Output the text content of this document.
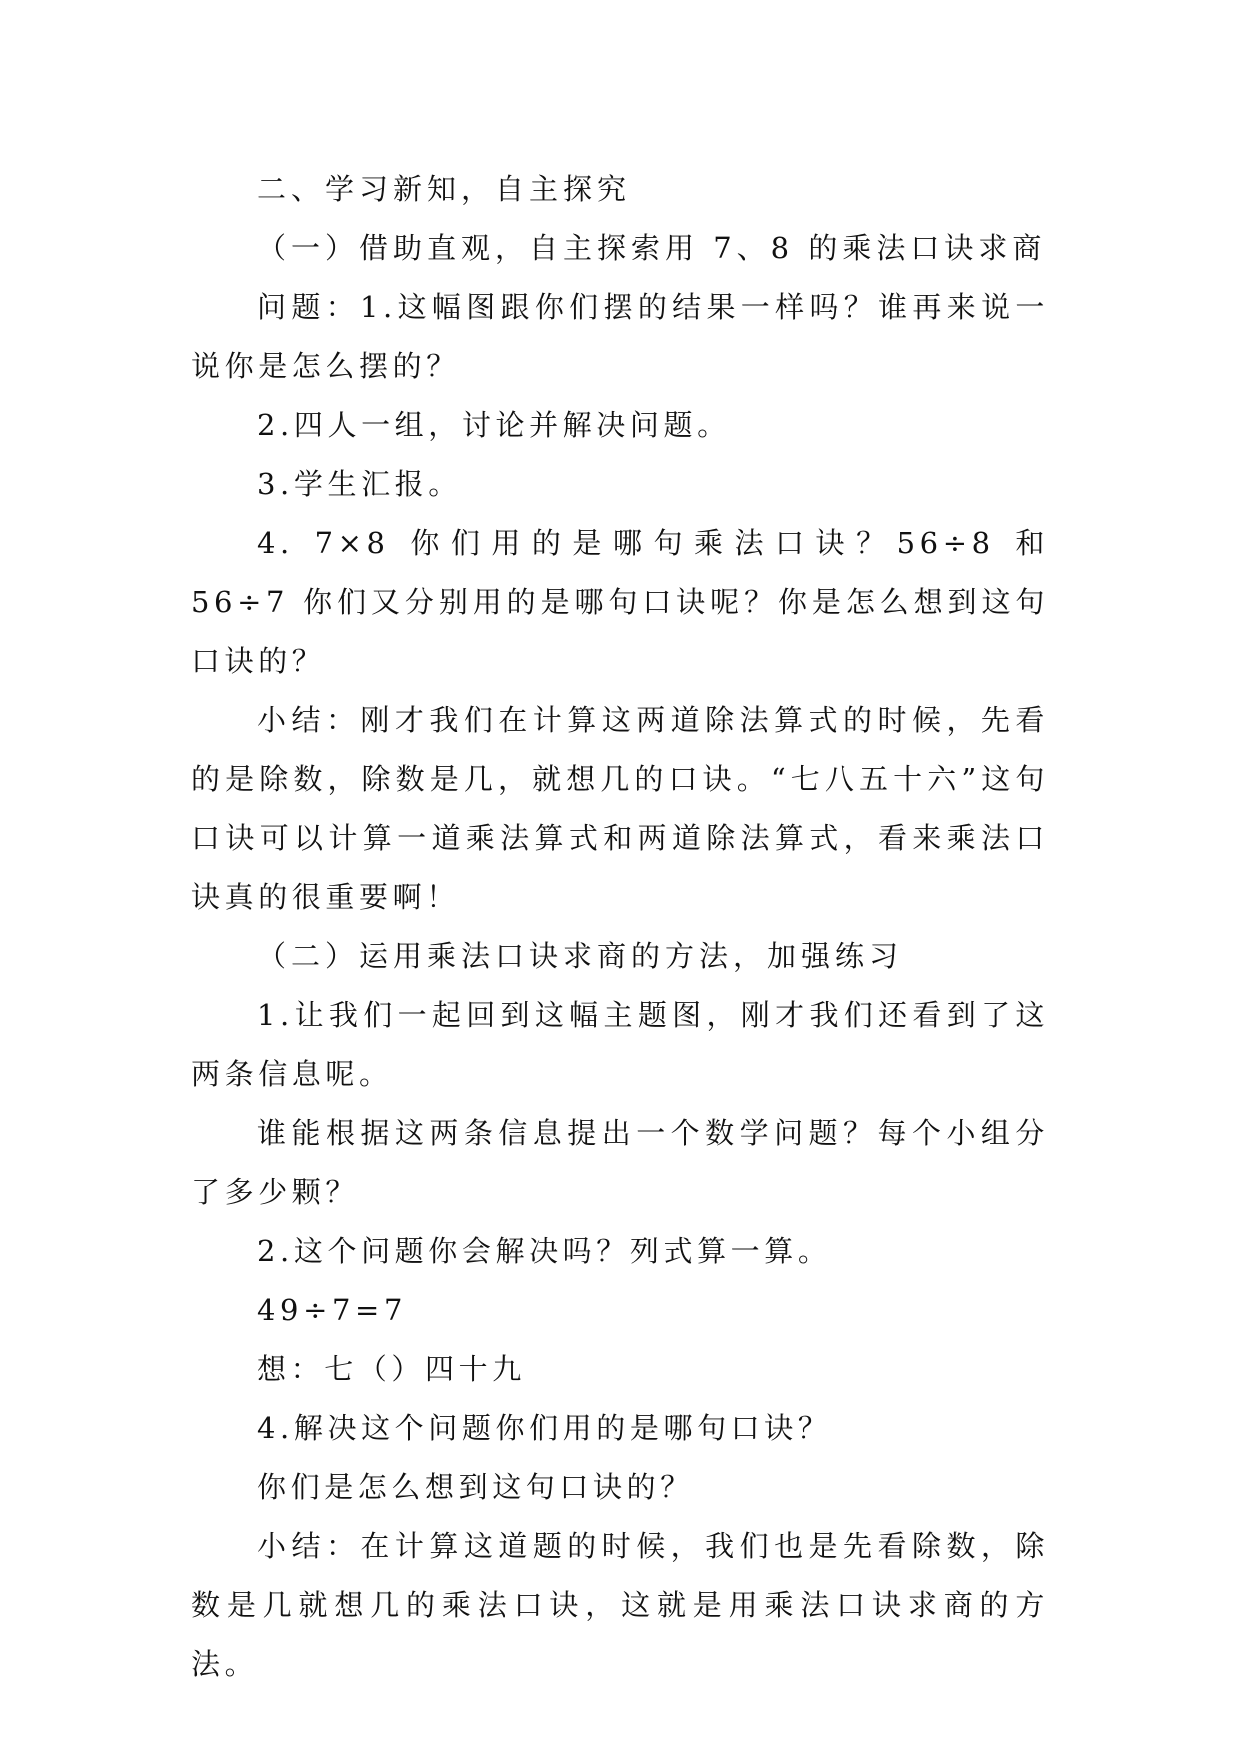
二、学习新知，自主探究

（一）借助直观，自主探索用 7、8 的乘法口诀求商

问题：1.这幅图跟你们摆的结果一样吗？谁再来说一说你是怎么摆的？

2.四人一组，讨论并解决问题。

3.学生汇报。

4. 7×8 你们用的是哪句乘法口诀？56÷8 和 56÷7 你们又分别用的是哪句口诀呢？你是怎么想到这句口诀的？

小结：刚才我们在计算这两道除法算式的时候，先看的是除数，除数是几，就想几的口诀。“七八五十六”这句口诀可以计算一道乘法算式和两道除法算式，看来乘法口诀真的很重要啊！

（二）运用乘法口诀求商的方法，加强练习

1.让我们一起回到这幅主题图，刚才我们还看到了这两条信息呢。

谁能根据这两条信息提出一个数学问题？每个小组分了多少颗？

2.这个问题你会解决吗？列式算一算。

49÷7=7

想：七（）四十九

4.解决这个问题你们用的是哪句口诀？

你们是怎么想到这句口诀的？

小结：在计算这道题的时候，我们也是先看除数，除数是几就想几的乘法口诀，这就是用乘法口诀求商的方法。
